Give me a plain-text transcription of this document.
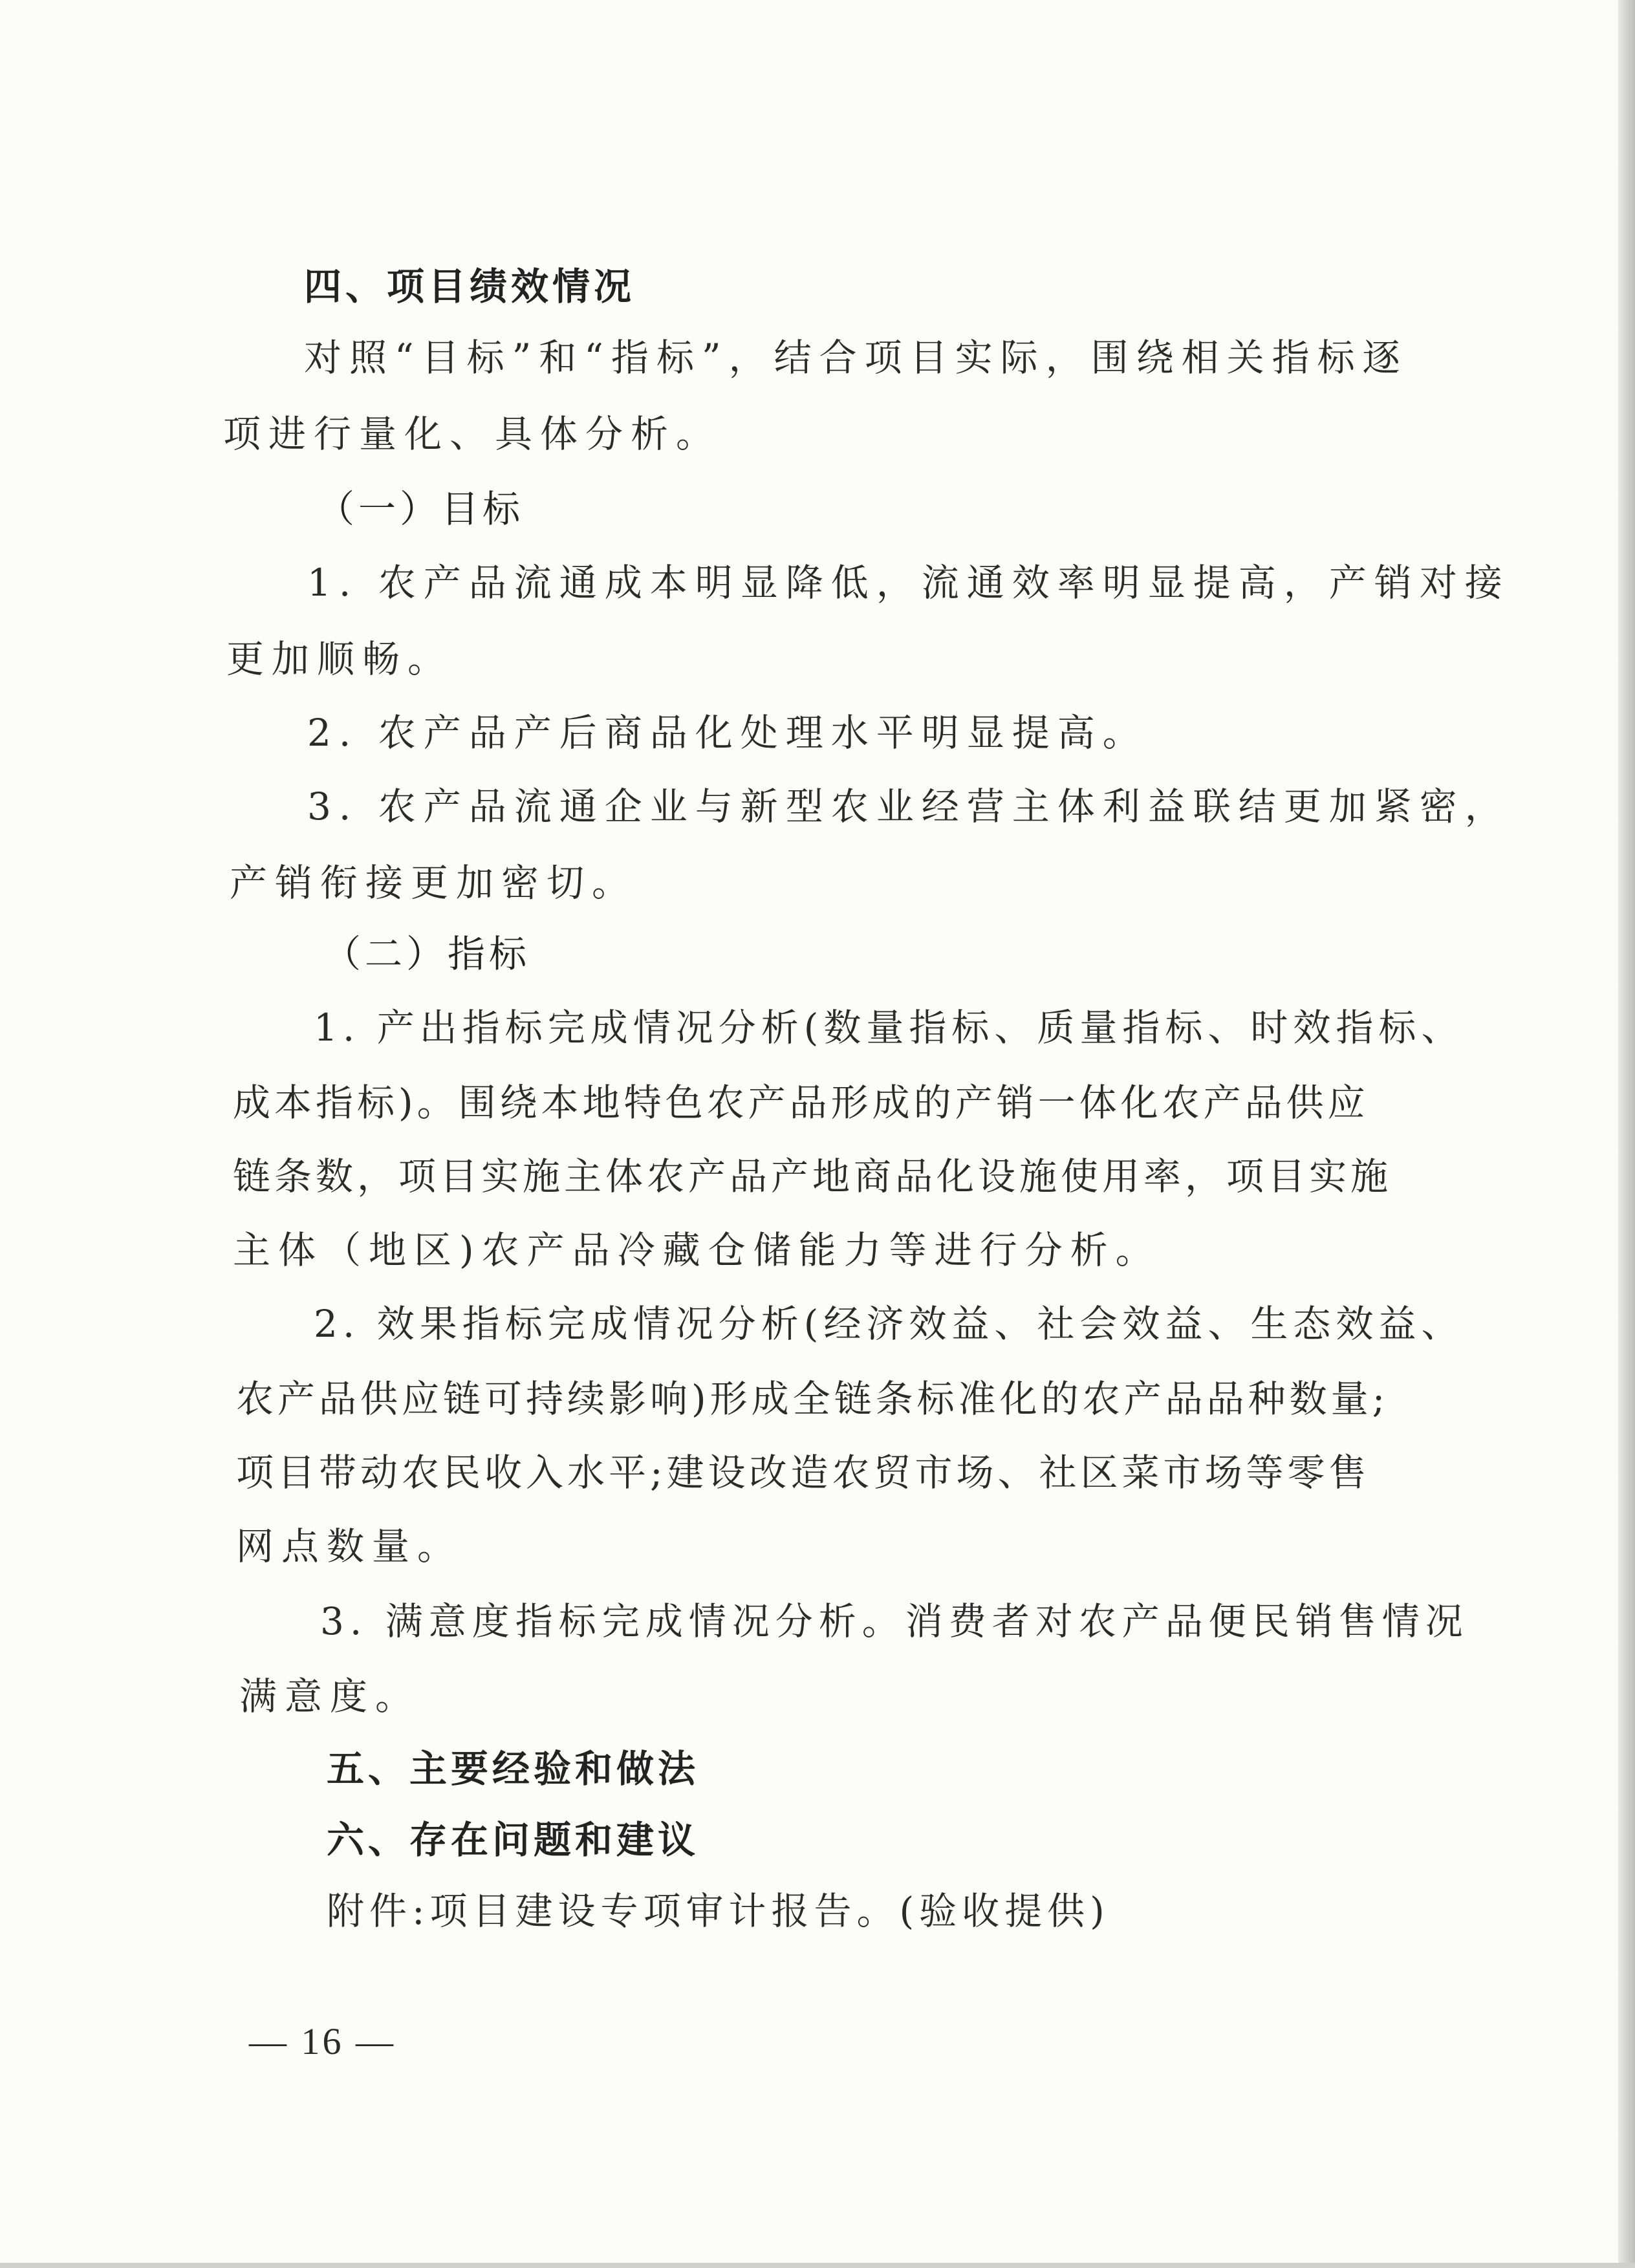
四、项目绩效情况
对照“目标”和“指标”，结合项目实际，围绕相关指标逐
项进行量化、具体分析。
（一）目标
1. 农产品流通成本明显降低，流通效率明显提高，产销对接
更加顺畅。
2. 农产品产后商品化处理水平明显提高。
3. 农产品流通企业与新型农业经营主体利益联结更加紧密，
产销衔接更加密切。
（二）指标
1. 产出指标完成情况分析(数量指标、质量指标、时效指标、
成本指标)。围绕本地特色农产品形成的产销一体化农产品供应
链条数，项目实施主体农产品产地商品化设施使用率，项目实施
主体（地区)农产品冷藏仓储能力等进行分析。
2. 效果指标完成情况分析(经济效益、社会效益、生态效益、
农产品供应链可持续影响)形成全链条标准化的农产品品种数量;
项目带动农民收入水平;建设改造农贸市场、社区菜市场等零售
网点数量。
3. 满意度指标完成情况分析。消费者对农产品便民销售情况
满意度。
五、主要经验和做法
六、存在问题和建议
附件:项目建设专项审计报告。(验收提供)
— 16 —
